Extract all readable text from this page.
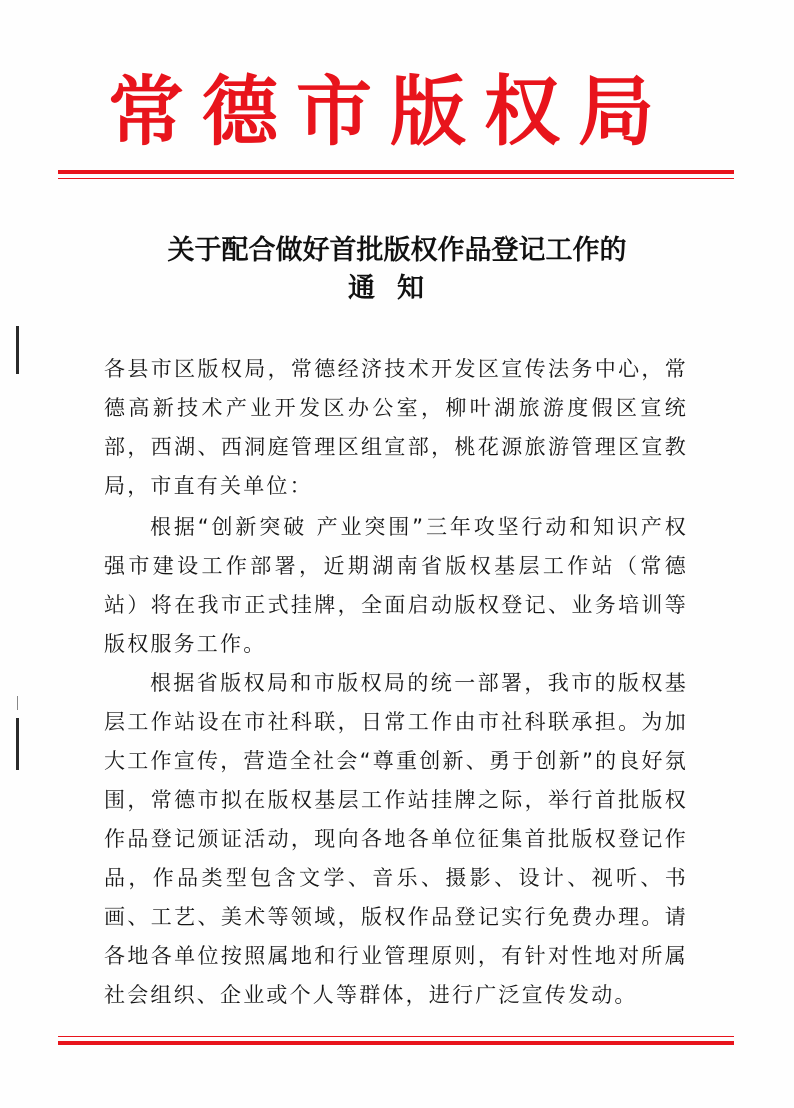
常德市版权局
关于配合做好首批版权作品登记工作的
通知

各县市区版权局，常德经济技术开发区宣传法务中心，常德高新技术产业开发区办公室，柳叶湖旅游度假区宣统部，西湖、西洞庭管理区组宣部，桃花源旅游管理区宣教局，市直有关单位：

根据“创新突破 产业突围”三年攻坚行动和知识产权强市建设工作部署，近期湖南省版权基层工作站（常德站）将在我市正式挂牌，全面启动版权登记、业务培训等版权服务工作。

根据省版权局和市版权局的统一部署，我市的版权基层工作站设在市社科联，日常工作由市社科联承担。为加大工作宣传，营造全社会“尊重创新、勇于创新”的良好氛围，常德市拟在版权基层工作站挂牌之际，举行首批版权作品登记颁证活动，现向各地各单位征集首批版权登记作品，作品类型包含文学、音乐、摄影、设计、视听、书画、工艺、美术等领域，版权作品登记实行免费办理。请各地各单位按照属地和行业管理原则，有针对性地对所属社会组织、企业或个人等群体，进行广泛宣传发动。
